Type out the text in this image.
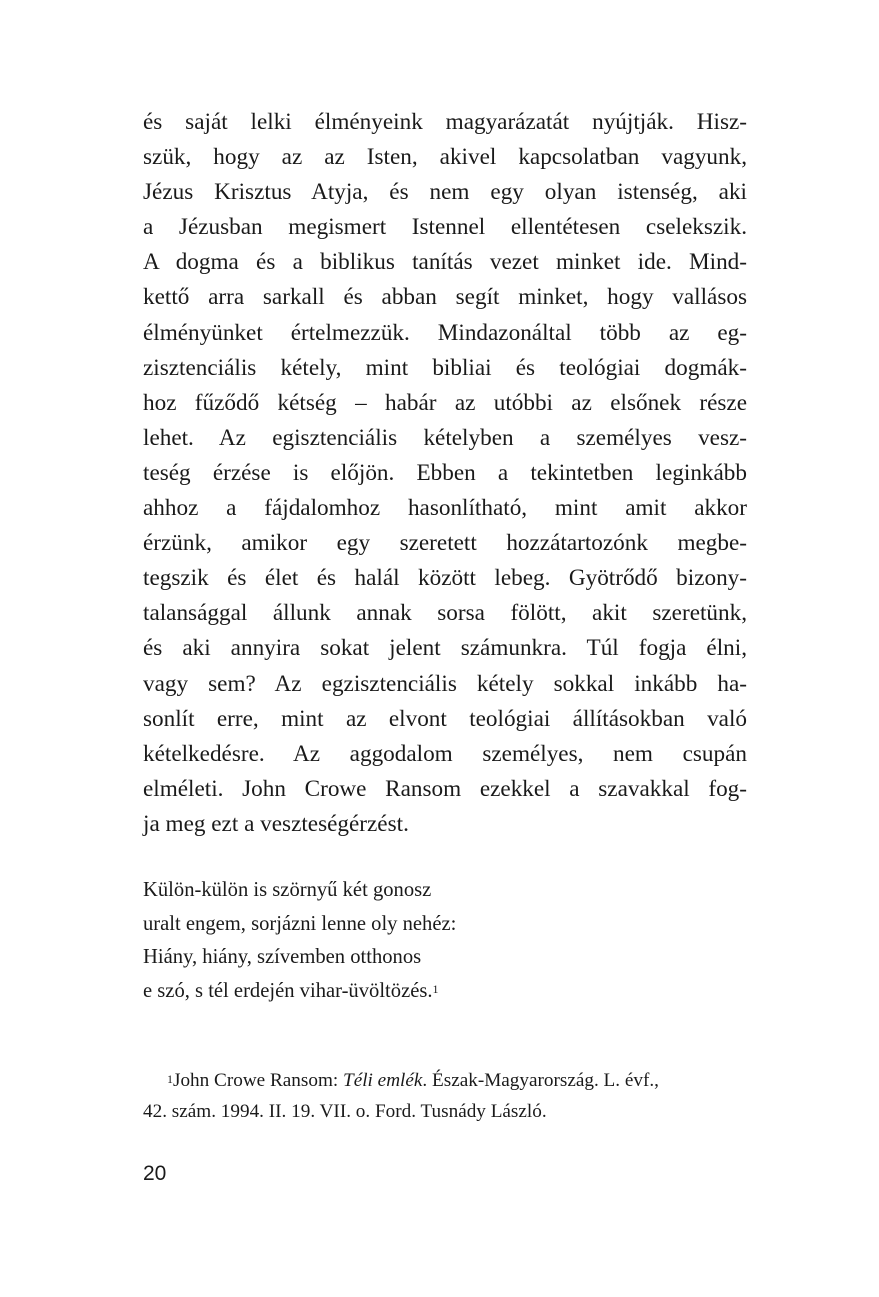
és saját lelki élményeink magyarázatát nyújtják. Hisz-
szük, hogy az az Isten, akivel kapcsolatban vagyunk,
Jézus Krisztus Atyja, és nem egy olyan istenség, aki
a Jézusban megismert Istennel ellentétesen cselekszik.
A dogma és a biblikus tanítás vezet minket ide. Mind-
kettő arra sarkall és abban segít minket, hogy vallásos
élményünket értelmezzük. Mindazonáltal több az eg-
zisztenciális kétely, mint bibliai és teológiai dogmák-
hoz fűződő kétség – habár az utóbbi az elsőnek része
lehet. Az egisztenciális kételyben a személyes vesz-
teség érzése is előjön. Ebben a tekintetben leginkább
ahhoz a fájdalomhoz hasonlítható, mint amit akkor
érzünk, amikor egy szeretett hozzátartozónk megbe-
tegszik és élet és halál között lebeg. Gyötrődő bizony-
talansággal állunk annak sorsa fölött, akit szeretünk,
és aki annyira sokat jelent számunkra. Túl fogja élni,
vagy sem? Az egzisztenciális kétely sokkal inkább ha-
sonlít erre, mint az elvont teológiai állításokban való
kételkedésre. Az aggodalom személyes, nem csupán
elméleti. John Crowe Ransom ezekkel a szavakkal fog-
ja meg ezt a veszteségérzést.
Külön-külön is szörnyű két gonosz
uralt engem, sorjázni lenne oly nehéz:
Hiány, hiány, szívemben otthonos
e szó, s tél erdején vihar-üvöltözés.$^1$
$^1$John Crowe Ransom: Téli emlék. Észak-Magyarország. L. évf.,
42. szám. 1994. II. 19. VII. o. Ford. Tusnády László.
20
